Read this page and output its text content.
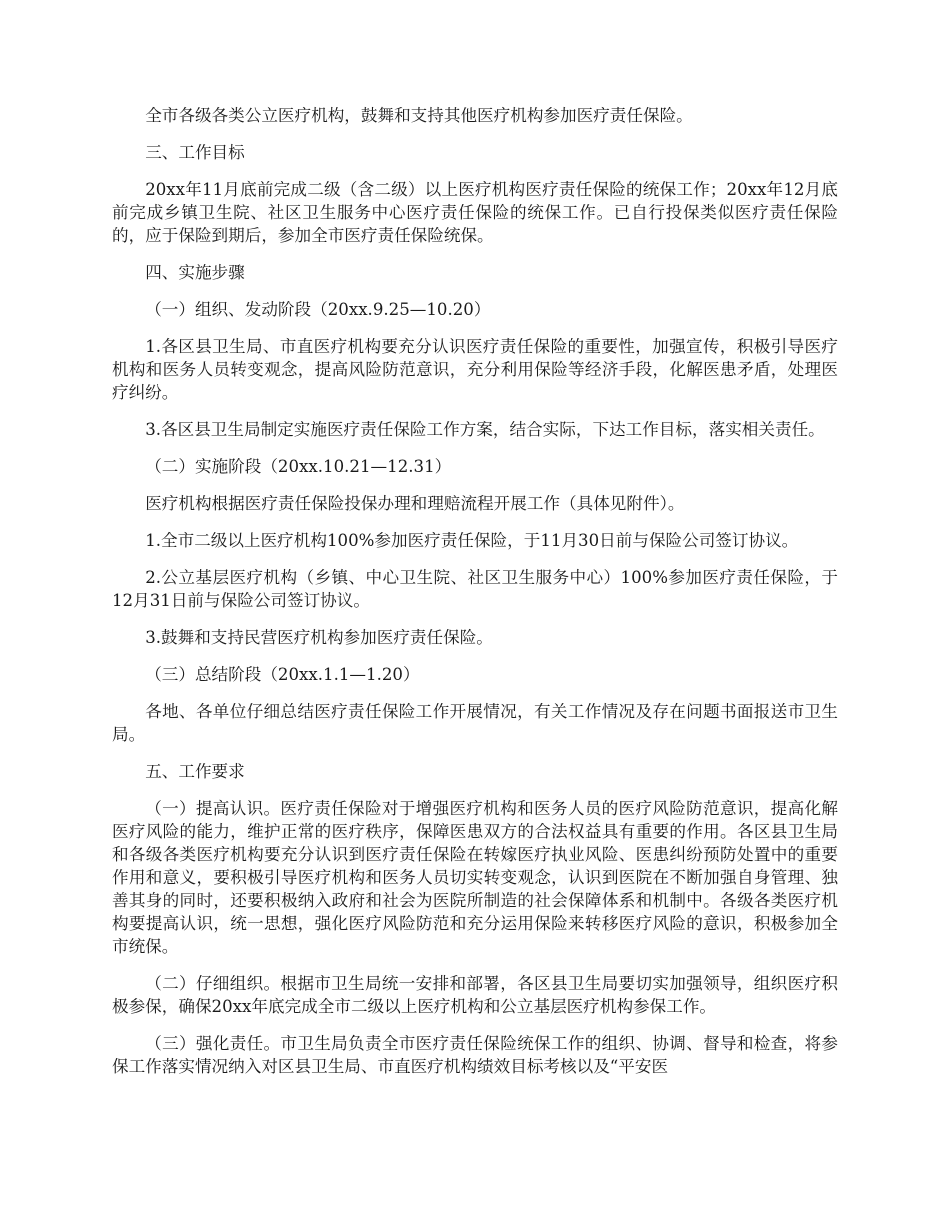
全市各级各类公立医疗机构，鼓舞和支持其他医疗机构参加医疗责任保险。

三、工作目标

20xx年11月底前完成二级（含二级）以上医疗机构医疗责任保险的统保工作；20xx年12月底前完成乡镇卫生院、社区卫生服务中心医疗责任保险的统保工作。已自行投保类似医疗责任保险的，应于保险到期后，参加全市医疗责任保险统保。

四、实施步骤

（一）组织、发动阶段（20xx.9.25—10.20）

1.各区县卫生局、市直医疗机构要充分认识医疗责任保险的重要性，加强宣传，积极引导医疗机构和医务人员转变观念，提高风险防范意识，充分利用保险等经济手段，化解医患矛盾，处理医疗纠纷。

3.各区县卫生局制定实施医疗责任保险工作方案，结合实际，下达工作目标，落实相关责任。

（二）实施阶段（20xx.10.21—12.31）

医疗机构根据医疗责任保险投保办理和理赔流程开展工作（具体见附件）。

1.全市二级以上医疗机构100%参加医疗责任保险，于11月30日前与保险公司签订协议。

2.公立基层医疗机构（乡镇、中心卫生院、社区卫生服务中心）100%参加医疗责任保险，于12月31日前与保险公司签订协议。

3.鼓舞和支持民营医疗机构参加医疗责任保险。

（三）总结阶段（20xx.1.1—1.20）

各地、各单位仔细总结医疗责任保险工作开展情况，有关工作情况及存在问题书面报送市卫生局。

五、工作要求

（一）提高认识。医疗责任保险对于增强医疗机构和医务人员的医疗风险防范意识，提高化解医疗风险的能力，维护正常的医疗秩序，保障医患双方的合法权益具有重要的作用。各区县卫生局和各级各类医疗机构要充分认识到医疗责任保险在转嫁医疗执业风险、医患纠纷预防处置中的重要作用和意义，要积极引导医疗机构和医务人员切实转变观念，认识到医院在不断加强自身管理、独善其身的同时，还要积极纳入政府和社会为医院所制造的社会保障体系和机制中。各级各类医疗机构要提高认识，统一思想，强化医疗风险防范和充分运用保险来转移医疗风险的意识，积极参加全市统保。

（二）仔细组织。根据市卫生局统一安排和部署，各区县卫生局要切实加强领导，组织医疗积极参保，确保20xx年底完成全市二级以上医疗机构和公立基层医疗机构参保工作。

（三）强化责任。市卫生局负责全市医疗责任保险统保工作的组织、协调、督导和检查，将参保工作落实情况纳入对区县卫生局、市直医疗机构绩效目标考核以及“平安医
